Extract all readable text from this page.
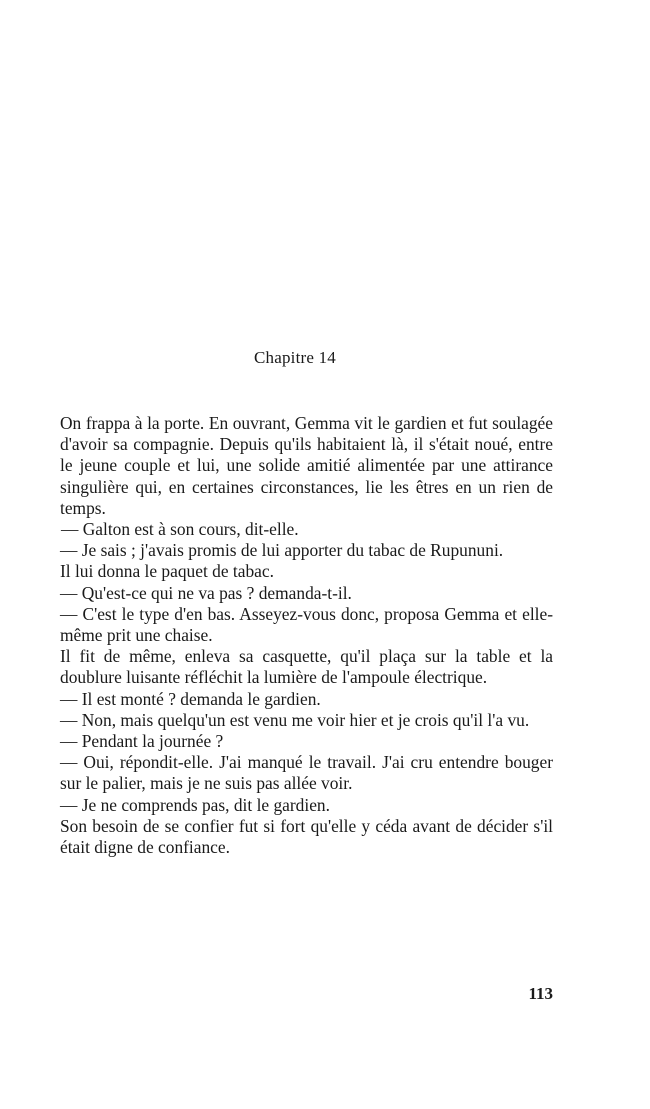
Chapitre 14

On frappa à la porte. En ouvrant, Gemma vit le gardien et fut soulagée d'avoir sa compagnie. Depuis qu'ils habitaient là, il s'était noué, entre le jeune couple et lui, une solide amitié alimentée par une attirance singulière qui, en certaines circonstances, lie les êtres en un rien de temps.

— Galton est à son cours, dit-elle.

— Je sais ; j'avais promis de lui apporter du tabac de Rupununi.

Il lui donna le paquet de tabac.

— Qu'est-ce qui ne va pas ? demanda-t-il.

— C'est le type d'en bas. Asseyez-vous donc, proposa Gemma et elle-même prit une chaise.

Il fit de même, enleva sa casquette, qu'il plaça sur la table et la doublure luisante réfléchit la lumière de l'ampoule électrique.

— Il est monté ? demanda le gardien.

— Non, mais quelqu'un est venu me voir hier et je crois qu'il l'a vu.

— Pendant la journée ?

— Oui, répondit-elle. J'ai manqué le travail. J'ai cru entendre bouger sur le palier, mais je ne suis pas allée voir.

— Je ne comprends pas, dit le gardien.

Son besoin de se confier fut si fort qu'elle y céda avant de décider s'il était digne de confiance.

113
